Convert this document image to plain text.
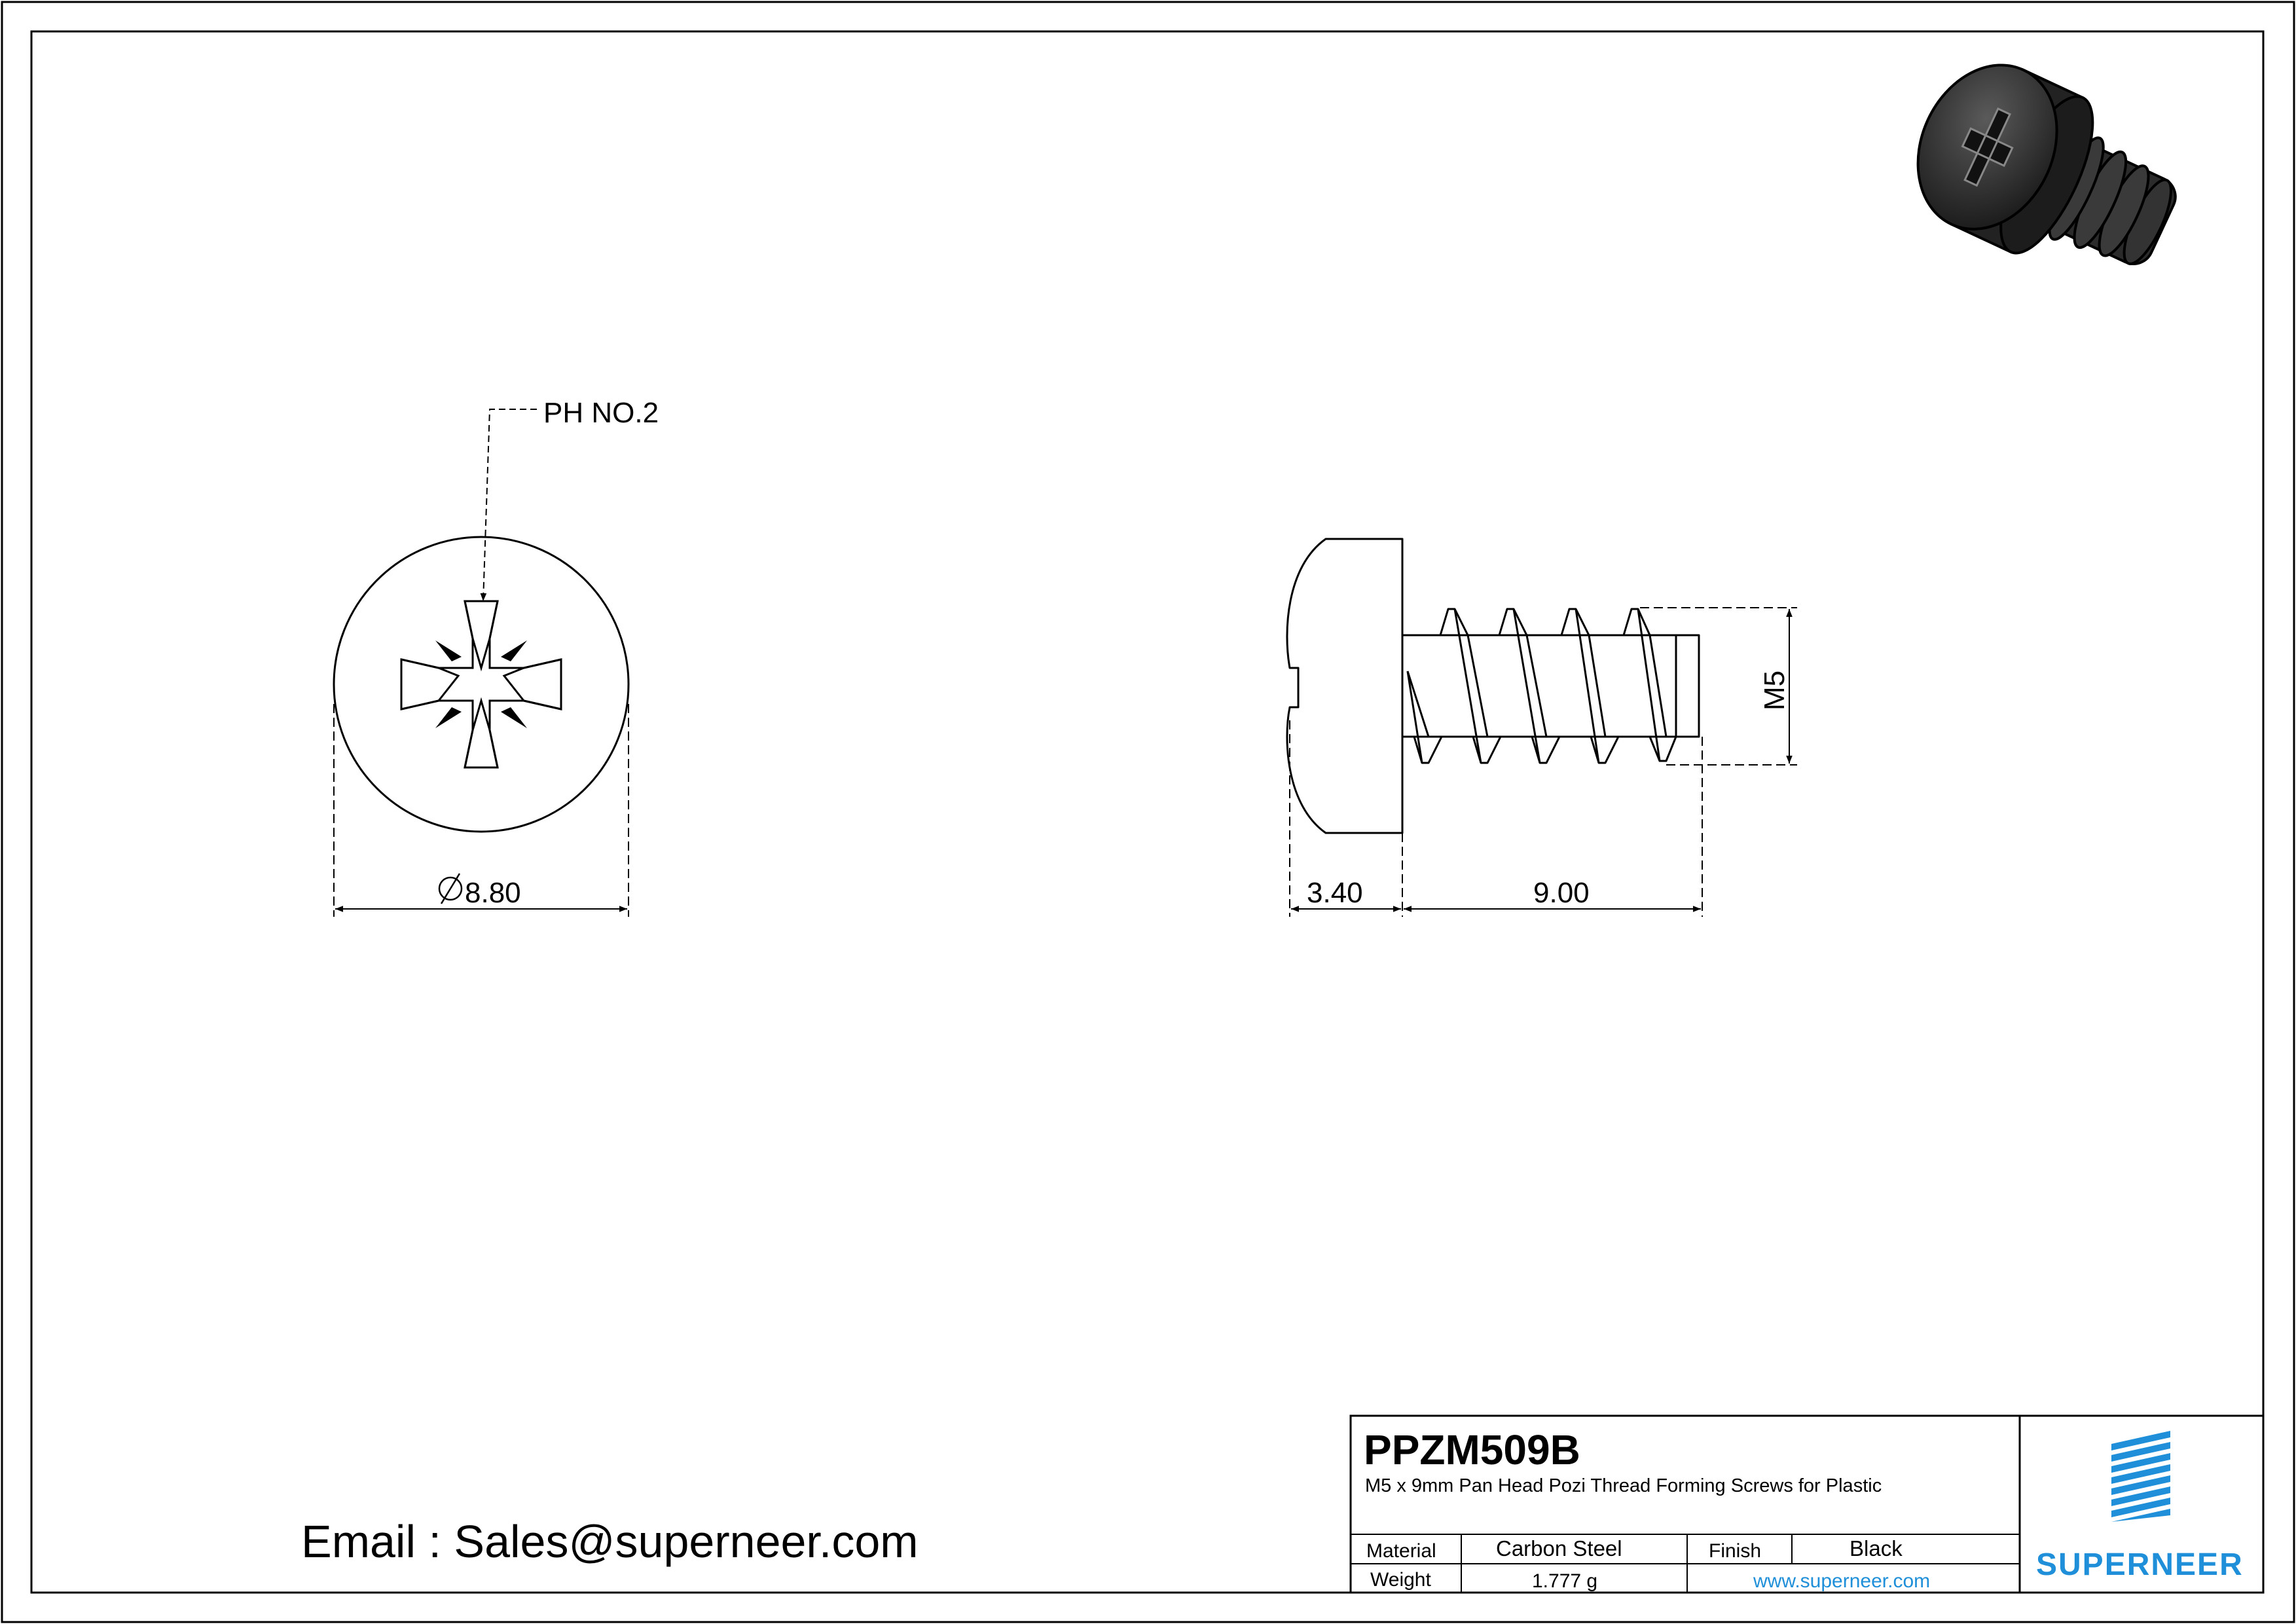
PH NO.2
8.80	3.40	9.00
M5
Email : Sales@superneer.com
PPZM509B
M5 x 9mm Pan Head Pozi Thread Forming Screws for Plastic
Material	Carbon Steel	Finish	Black
Weight	1.777 g	www.superneer.com	SUPERNEER
